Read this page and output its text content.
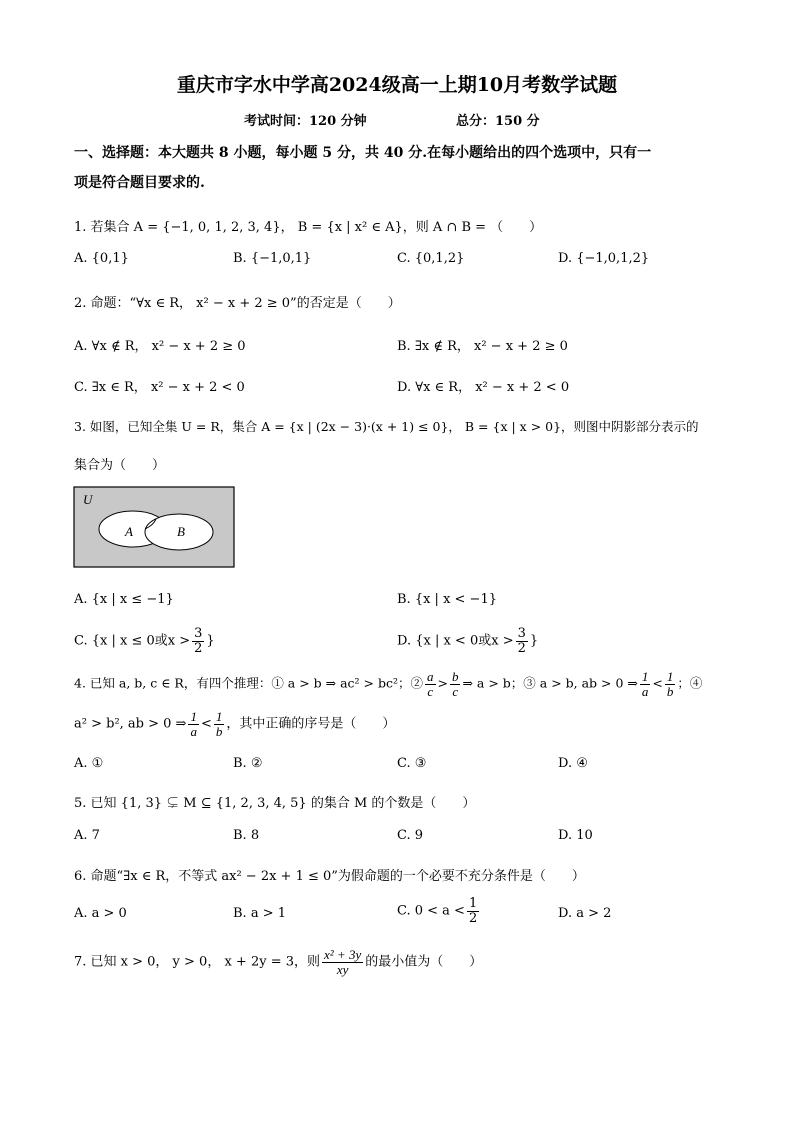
重庆市字水中学高2024级高一上期10月考数学试题
考试时间：120 分钟	总分：150 分
一、选择题：本大题共 8 小题，每小题 5 分，共 40 分.在每小题给出的四个选项中，只有一
项是符合题目要求的.
1. 若集合 A = {−1, 0, 1, 2, 3, 4}， B = {x | x² ∈ A}，则 A ∩ B = （　　）
A. {0,1}	B. {−1,0,1}	C. {0,1,2}	D. {−1,0,1,2}
2. 命题：“∀x ∈ R， x² − x + 2 ≥ 0”的否定是（　　）
A. ∀x ∉ R， x² − x + 2 ≥ 0	B. ∃x ∉ R， x² − x + 2 ≥ 0
C. ∃x ∈ R， x² − x + 2 < 0	D. ∀x ∈ R， x² − x + 2 < 0
3. 如图，已知全集 U = R，集合 A = {x | (2x − 3)·(x + 1) ≤ 0}， B = {x | x > 0}，则图中阴影部分表示的
集合为（　　）
U
A	B
A. {x | x ≤ −1}	B. {x | x < −1}
C. {x | x ≤ 0或$x > \frac{3}{2}$ }	D. {x | x < 0或$x > \frac{3}{2}$ }
4. 已知 a, b, c ∈ R，有四个推理：① a > b ⇒ ac² > bc²；② $\frac{a}{c} > \frac{b}{c}$ ⇒ a > b；③ a > b, ab > 0 ⇒ $\frac{1}{a} < \frac{1}{b}$ ；④
a² > b², ab > 0 ⇒ $\frac{1}{a} < \frac{1}{b}$ ，其中正确的序号是（　　）
A. ①	B. ②	C. ③	D. ④
5. 已知 {1, 3} ⊊ M ⊆ {1, 2, 3, 4, 5} 的集合 M 的个数是（　　）
A. 7	B. 8	C. 9	D. 10
6. 命题“∃x ∈ R，不等式 ax² − 2x + 1 ≤ 0”为假命题的一个必要不充分条件是（　　）
A. a > 0	B. a > 1	C. $0 < a < \frac{1}{2}$	D. a > 2
7. 已知 x > 0， y > 0， x + 2y = 3，则 $\frac{\text{x² + 3y}}{xy}$ 的最小值为（　　）
